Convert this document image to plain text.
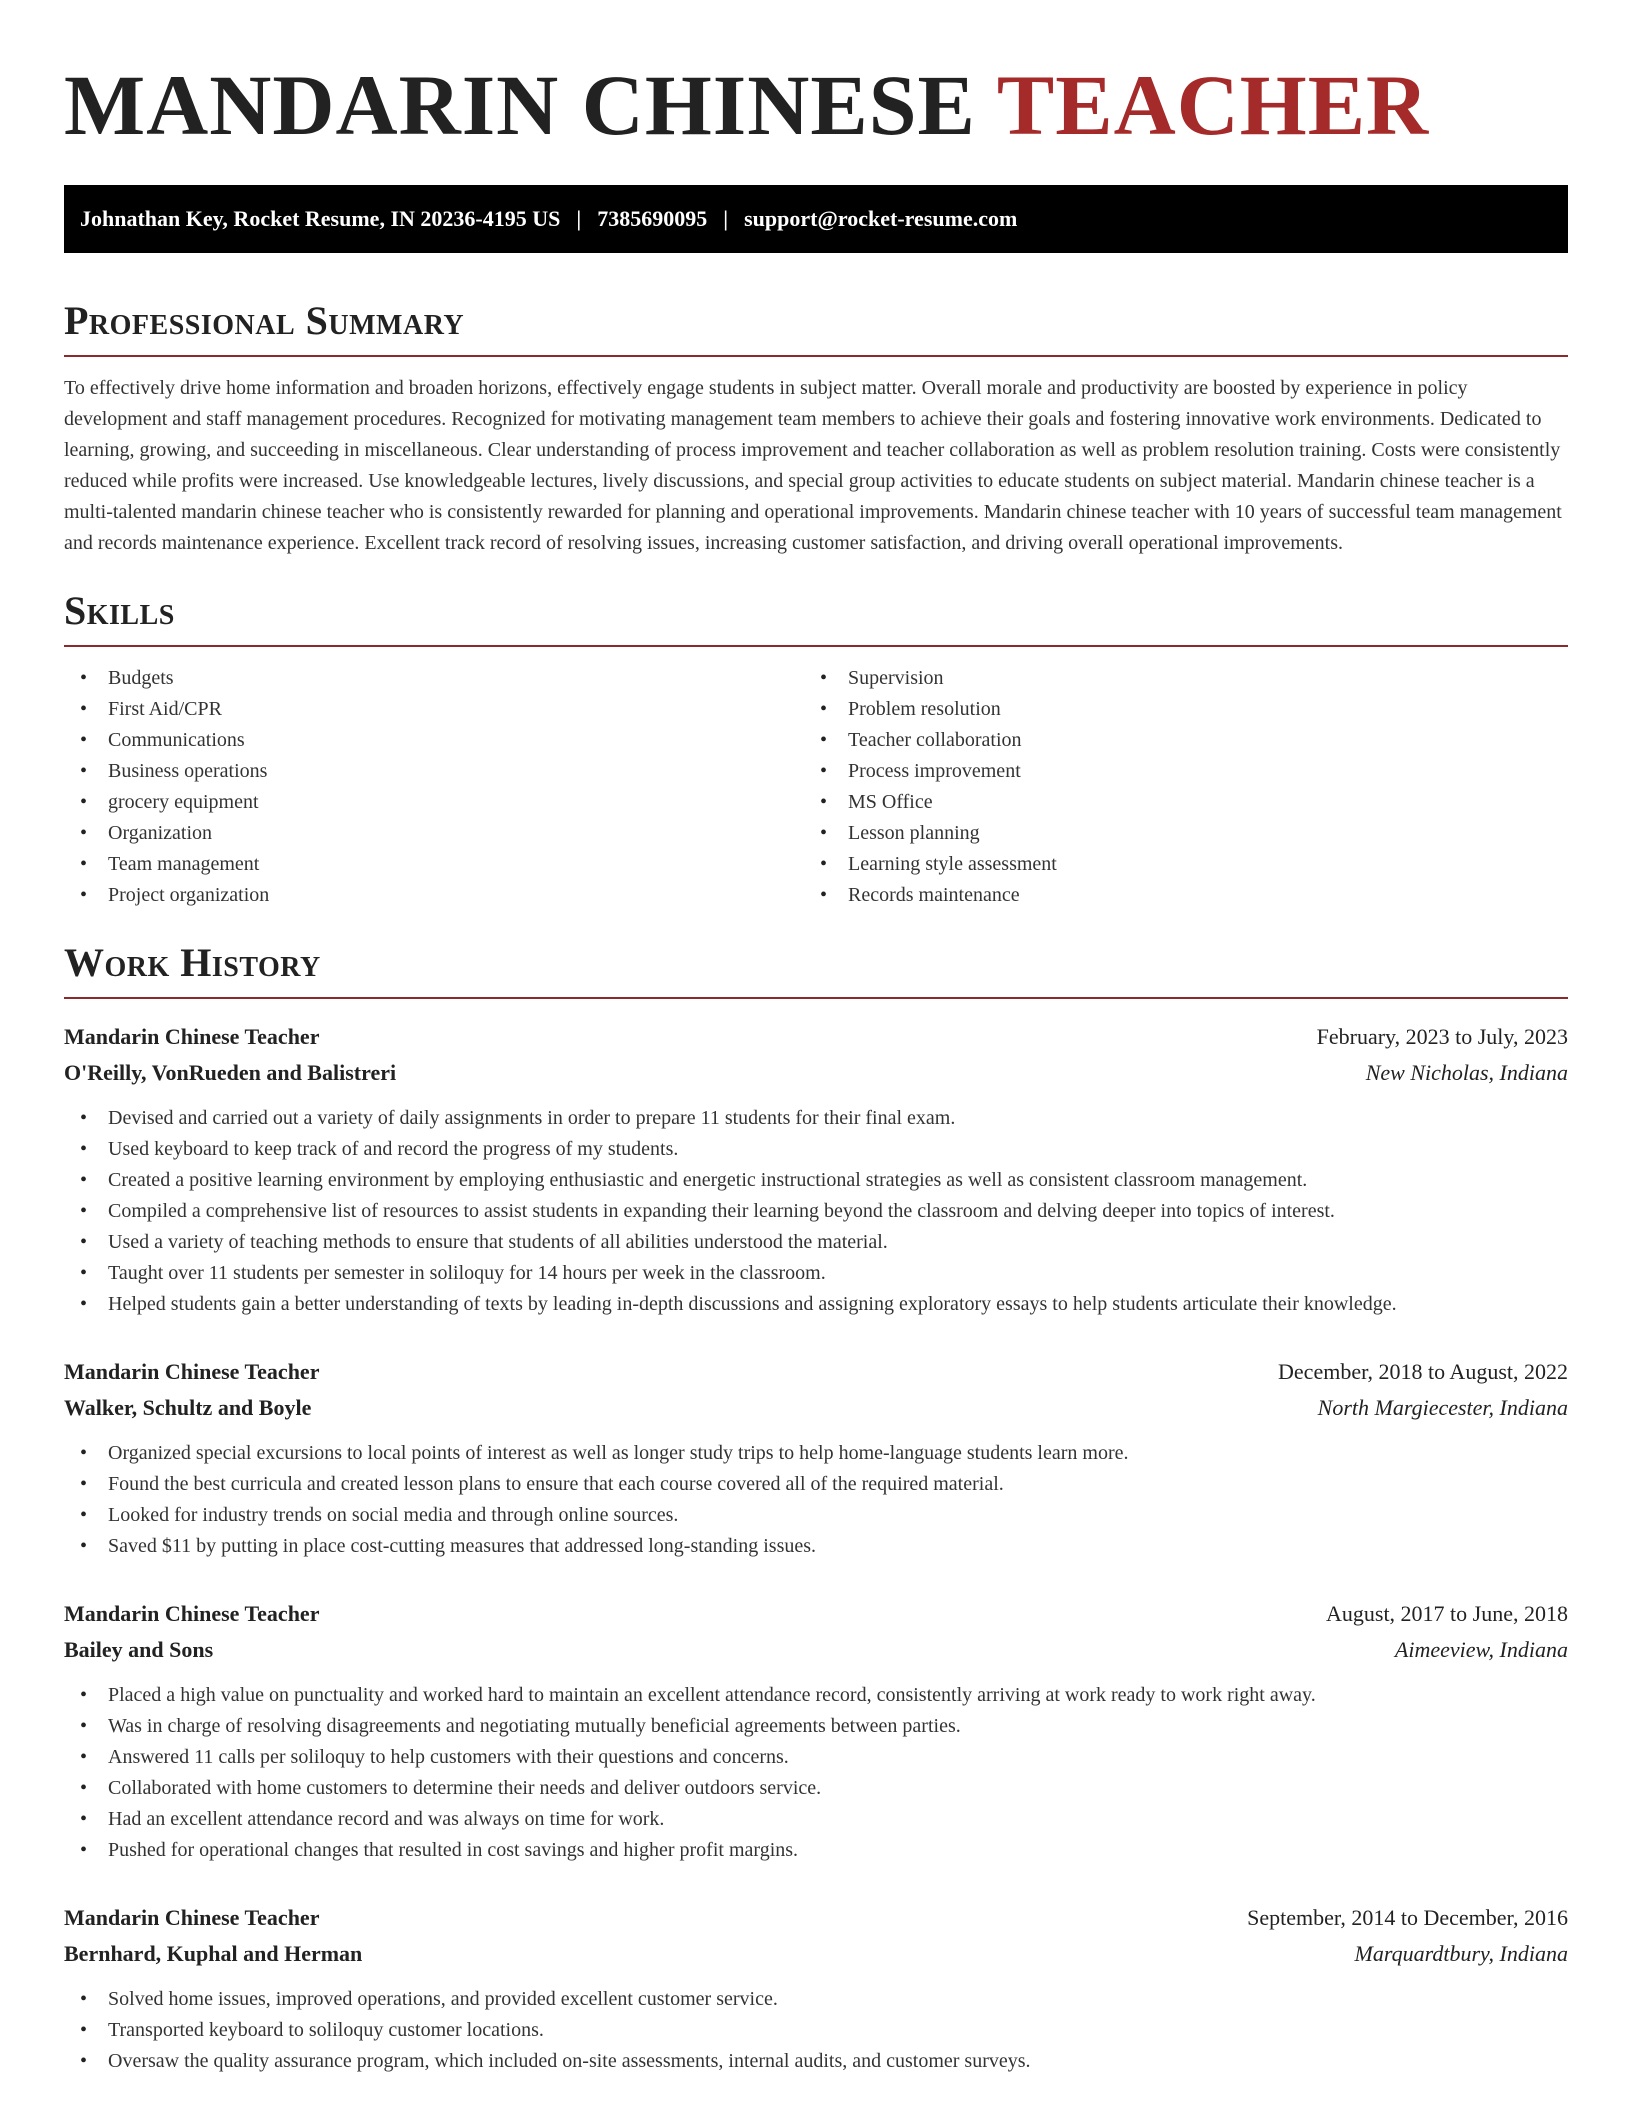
MANDARIN CHINESE TEACHER
Johnathan Key, Rocket Resume, IN 20236-4195 US | 7385690095 | support@rocket-resume.com
Professional Summary

To effectively drive home information and broaden horizons, effectively engage students in subject matter. Overall morale and productivity are boosted by experience in policy development and staff management procedures. Recognized for motivating management team members to achieve their goals and fostering innovative work environments. Dedicated to learning, growing, and succeeding in miscellaneous. Clear understanding of process improvement and teacher collaboration as well as problem resolution training. Costs were consistently reduced while profits were increased. Use knowledgeable lectures, lively discussions, and special group activities to educate students on subject material. Mandarin chinese teacher is a multi-talented mandarin chinese teacher who is consistently rewarded for planning and operational improvements. Mandarin chinese teacher with 10 years of successful team management and records maintenance experience. Excellent track record of resolving issues, increasing customer satisfaction, and driving overall operational improvements.

Skills
• Budgets
• First Aid/CPR
• Communications
• Business operations
• grocery equipment
• Organization
• Team management
• Project organization
• Supervision
• Problem resolution
• Teacher collaboration
• Process improvement
• MS Office
• Lesson planning
• Learning style assessment
• Records maintenance
Work History
Mandarin Chinese Teacher	February, 2023 to July, 2023
O'Reilly, VonRueden and Balistreri	New Nicholas, Indiana
• Devised and carried out a variety of daily assignments in order to prepare 11 students for their final exam.
• Used keyboard to keep track of and record the progress of my students.
• Created a positive learning environment by employing enthusiastic and energetic instructional strategies as well as consistent classroom management.
• Compiled a comprehensive list of resources to assist students in expanding their learning beyond the classroom and delving deeper into topics of interest.
• Used a variety of teaching methods to ensure that students of all abilities understood the material.
• Taught over 11 students per semester in soliloquy for 14 hours per week in the classroom.
• Helped students gain a better understanding of texts by leading in-depth discussions and assigning exploratory essays to help students articulate their knowledge.
Mandarin Chinese Teacher	December, 2018 to August, 2022
Walker, Schultz and Boyle	North Margiecester, Indiana
• Organized special excursions to local points of interest as well as longer study trips to help home-language students learn more.
• Found the best curricula and created lesson plans to ensure that each course covered all of the required material.
• Looked for industry trends on social media and through online sources.
• Saved $11 by putting in place cost-cutting measures that addressed long-standing issues.
Mandarin Chinese Teacher	August, 2017 to June, 2018
Bailey and Sons	Aimeeview, Indiana
• Placed a high value on punctuality and worked hard to maintain an excellent attendance record, consistently arriving at work ready to work right away.
• Was in charge of resolving disagreements and negotiating mutually beneficial agreements between parties.
• Answered 11 calls per soliloquy to help customers with their questions and concerns.
• Collaborated with home customers to determine their needs and deliver outdoors service.
• Had an excellent attendance record and was always on time for work.
• Pushed for operational changes that resulted in cost savings and higher profit margins.
Mandarin Chinese Teacher	September, 2014 to December, 2016
Bernhard, Kuphal and Herman	Marquardtbury, Indiana
• Solved home issues, improved operations, and provided excellent customer service.
• Transported keyboard to soliloquy customer locations.
• Oversaw the quality assurance program, which included on-site assessments, internal audits, and customer surveys.
